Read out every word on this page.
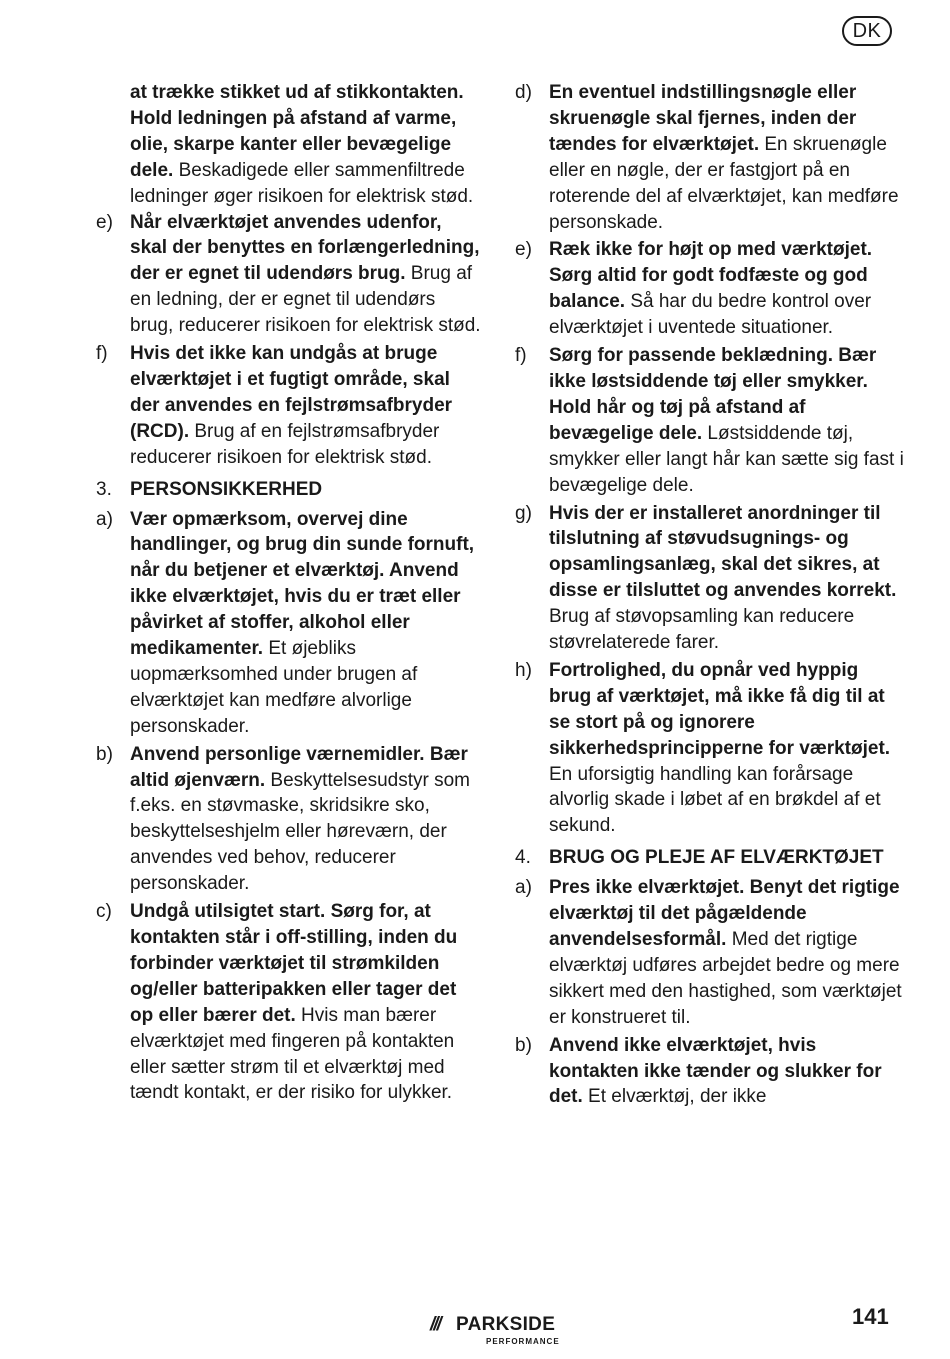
DK

at trække stikket ud af stikkontakten. Hold ledningen på afstand af varme, olie, skarpe kanter eller bevægelige dele. Beskadigede eller sammenfiltrede ledninger øger risikoen for elektrisk stød.

e) Når elværktøjet anvendes udenfor, skal der benyttes en forlængerledning, der er egnet til udendørs brug. Brug af en ledning, der er egnet til udendørs brug, reducerer risikoen for elektrisk stød.
f) Hvis det ikke kan undgås at bruge elværktøjet i et fugtigt område, skal der anvendes en fejlstrømsafbryder (RCD). Brug af en fejlstrømsafbryder reducerer risikoen for elektrisk stød.
3. PERSONSIKKERHED
a) Vær opmærksom, overvej dine handlinger, og brug din sunde fornuft, når du betjener et elværktøj. Anvend ikke elværktøjet, hvis du er træt eller påvirket af stoffer, alkohol eller medikamenter. Et øjebliks uopmærksomhed under brugen af elværktøjet kan medføre alvorlige personskader.
b) Anvend personlige værnemidler. Bær altid øjenværn. Beskyttelsesudstyr som f.eks. en støvmaske, skridsikre sko, beskyttelseshjelm eller høreværn, der anvendes ved behov, reducerer personskader.
c) Undgå utilsigtet start. Sørg for, at kontakten står i off-stilling, inden du forbinder værktøjet til strømkilden og/eller batteripakken eller tager det op eller bærer det. Hvis man bærer elværktøjet med fingeren på kontakten eller sætter strøm til et elværktøj med tændt kontakt, er der risiko for ulykker.
d) En eventuel indstillingsnøgle eller skruenøgle skal fjernes, inden der tændes for elværktøjet. En skruenøgle eller en nøgle, der er fastgjort på en roterende del af elværktøjet, kan medføre personskade.
e) Ræk ikke for højt op med værktøjet. Sørg altid for godt fodfæste og god balance. Så har du bedre kontrol over elværktøjet i uventede situationer.
f) Sørg for passende beklædning. Bær ikke løstsiddende tøj eller smykker. Hold hår og tøj på afstand af bevægelige dele. Løstsiddende tøj, smykker eller langt hår kan sætte sig fast i bevægelige dele.
g) Hvis der er installeret anordninger til tilslutning af støvudsugnings- og opsamlingsanlæg, skal det sikres, at disse er tilsluttet og anvendes korrekt. Brug af støvopsamling kan reducere støvrelaterede farer.
h) Fortrolighed, du opnår ved hyppig brug af værktøjet, må ikke få dig til at se stort på og ignorere sikkerhedsprincipperne for værktøjet. En uforsigtig handling kan forårsage alvorlig skade i løbet af en brøkdel af et sekund.
4. BRUG OG PLEJE AF ELVÆRKTØJET
a) Pres ikke elværktøjet. Benyt det rigtige elværktøj til det pågældende anvendelsesformål. Med det rigtige elværktøj udføres arbejdet bedre og mere sikkert med den hastighed, som værktøjet er konstrueret til.
b) Anvend ikke elværktøjet, hvis kontakten ikke tænder og slukker for det. Et elværktøj, der ikke
/// PARKSIDE
PERFORMANCE
141
